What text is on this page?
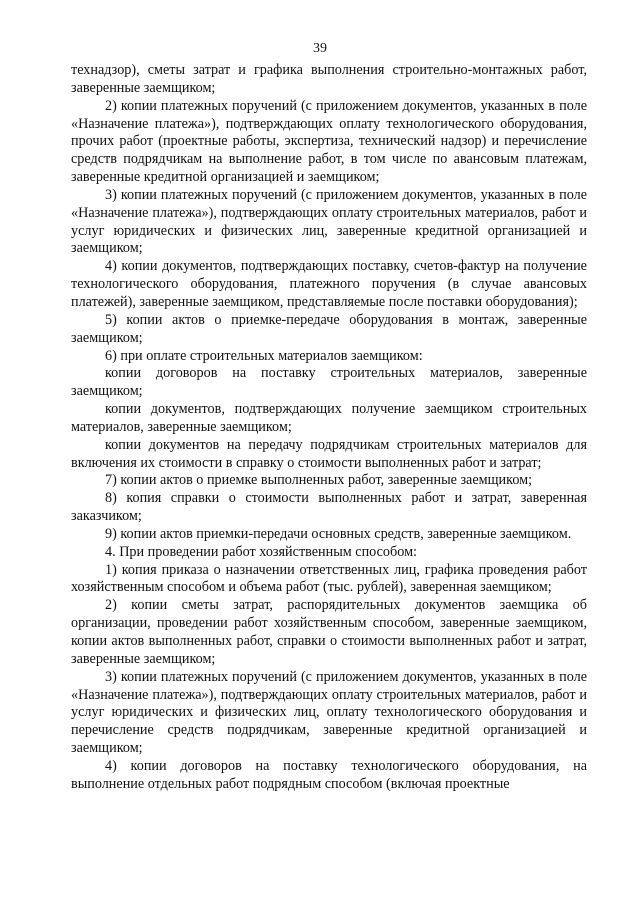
39

технадзор), сметы затрат и графика выполнения строительно-монтажных работ, заверенные заемщиком;

2) копии платежных поручений (с приложением документов, указанных в поле «Назначение платежа»), подтверждающих оплату технологического оборудования, прочих работ (проектные работы, экспертиза, технический надзор) и перечисление средств подрядчикам на выполнение работ, в том числе по авансовым платежам, заверенные кредитной организацией и заемщиком;

3) копии платежных поручений (с приложением документов, указанных в поле «Назначение платежа»), подтверждающих оплату строительных материалов, работ и услуг юридических и физических лиц, заверенные кредитной организацией и заемщиком;

4) копии документов, подтверждающих поставку, счетов-фактур на получение технологического оборудования, платежного поручения (в случае авансовых платежей), заверенные заемщиком, представляемые после поставки оборудования);

5) копии актов о приемке-передаче оборудования в монтаж, заверенные заемщиком;

6) при оплате строительных материалов заемщиком:

копии договоров на поставку строительных материалов, заверенные заемщиком;

копии документов, подтверждающих получение заемщиком строительных материалов, заверенные заемщиком;

копии документов на передачу подрядчикам строительных материалов для включения их стоимости в справку о стоимости выполненных работ и затрат;

7) копии актов о приемке выполненных работ, заверенные заемщиком;

8) копия справки о стоимости выполненных работ и затрат, заверенная заказчиком;

9) копии актов приемки-передачи основных средств, заверенные заемщиком.

4. При проведении работ хозяйственным способом:

1) копия приказа о назначении ответственных лиц, графика проведения работ хозяйственным способом и объема работ (тыс. рублей), заверенная заемщиком;

2) копии сметы затрат, распорядительных документов заемщика об организации, проведении работ хозяйственным способом, заверенные заемщиком, копии актов выполненных работ, справки о стоимости выполненных работ и затрат, заверенные заемщиком;

3) копии платежных поручений (с приложением документов, указанных в поле «Назначение платежа»), подтверждающих оплату строительных материалов, работ и услуг юридических и физических лиц, оплату технологического оборудования и перечисление средств подрядчикам, заверенные кредитной организацией и заемщиком;

4) копии договоров на поставку технологического оборудования, на выполнение отдельных работ подрядным способом (включая проектные
